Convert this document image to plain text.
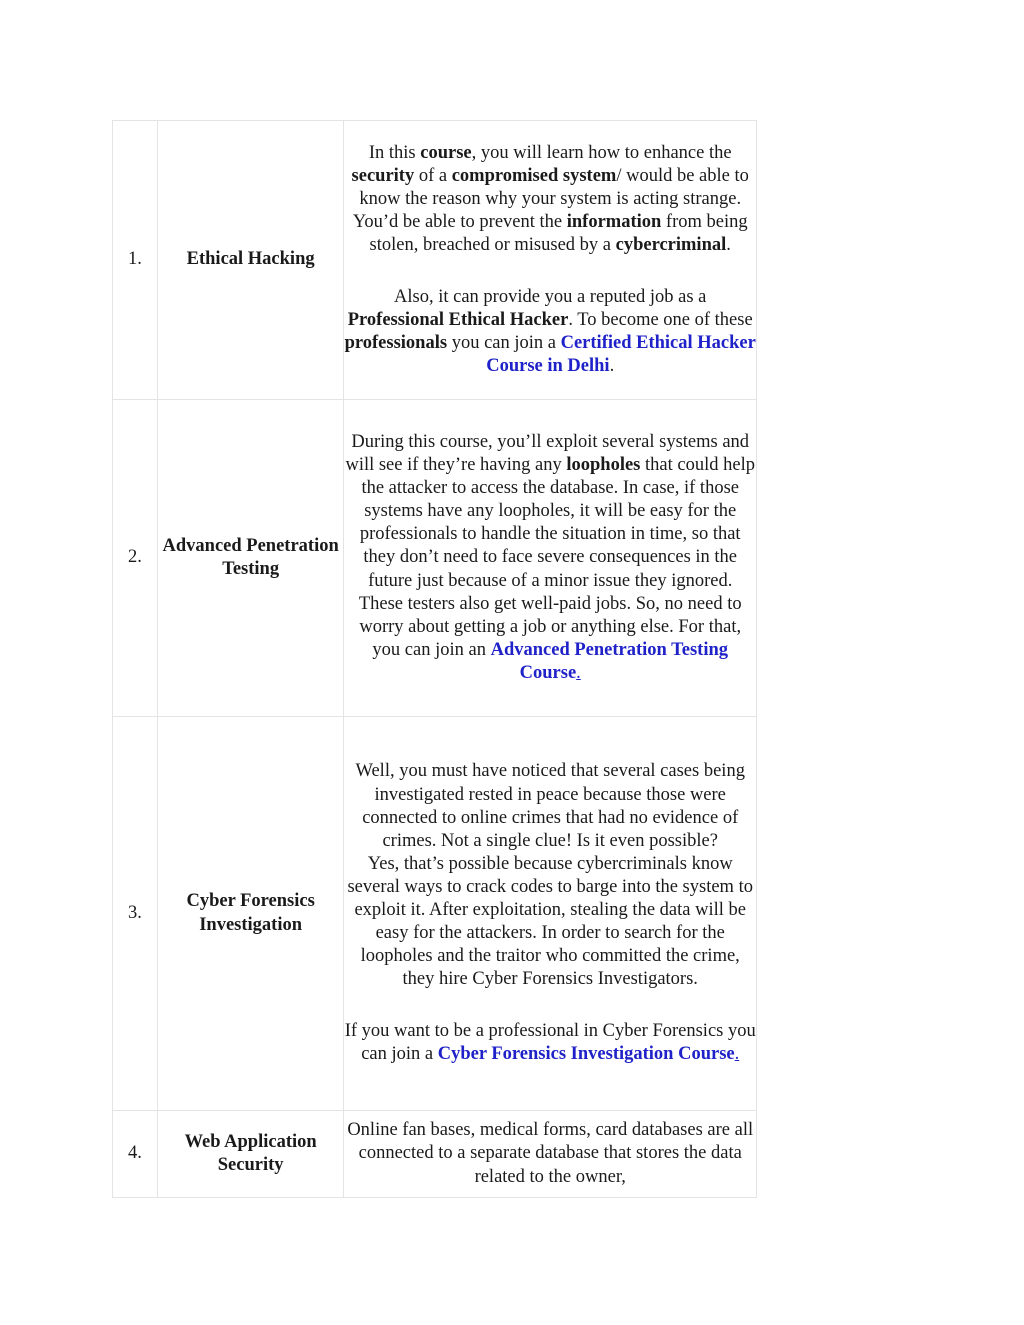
1.	Ethical Hacking	In this course, you will learn how to enhance the security of a compromised system/ would be able to know the reason why your system is acting strange. You’d be able to prevent the information from being stolen, breached or misused by a cybercriminal.

Also, it can provide you a reputed job as a Professional Ethical Hacker. To become one of these professionals you can join a Certified Ethical Hacker Course in Delhi.

2.	Advanced Penetration Testing	During this course, you’ll exploit several systems and will see if they’re having any loopholes that could help the attacker to access the database. In case, if those systems have any loopholes, it will be easy for the professionals to handle the situation in time, so that they don’t need to face severe consequences in the future just because of a minor issue they ignored.

These testers also get well-paid jobs. So, no need to worry about getting a job or anything else. For that, you can join an Advanced Penetration Testing Course.

3.	Cyber Forensics Investigation	Well, you must have noticed that several cases being investigated rested in peace because those were connected to online crimes that had no evidence of crimes. Not a single clue! Is it even possible?

Yes, that’s possible because cybercriminals know several ways to crack codes to barge into the system to exploit it. After exploitation, stealing the data will be easy for the attackers. In order to search for the loopholes and the traitor who committed the crime, they hire Cyber Forensics Investigators.

If you want to be a professional in Cyber Forensics you can join a Cyber Forensics Investigation Course.

4.	Web Application Security	Online fan bases, medical forms, card databases are all connected to a separate database that stores the data related to the owner,
